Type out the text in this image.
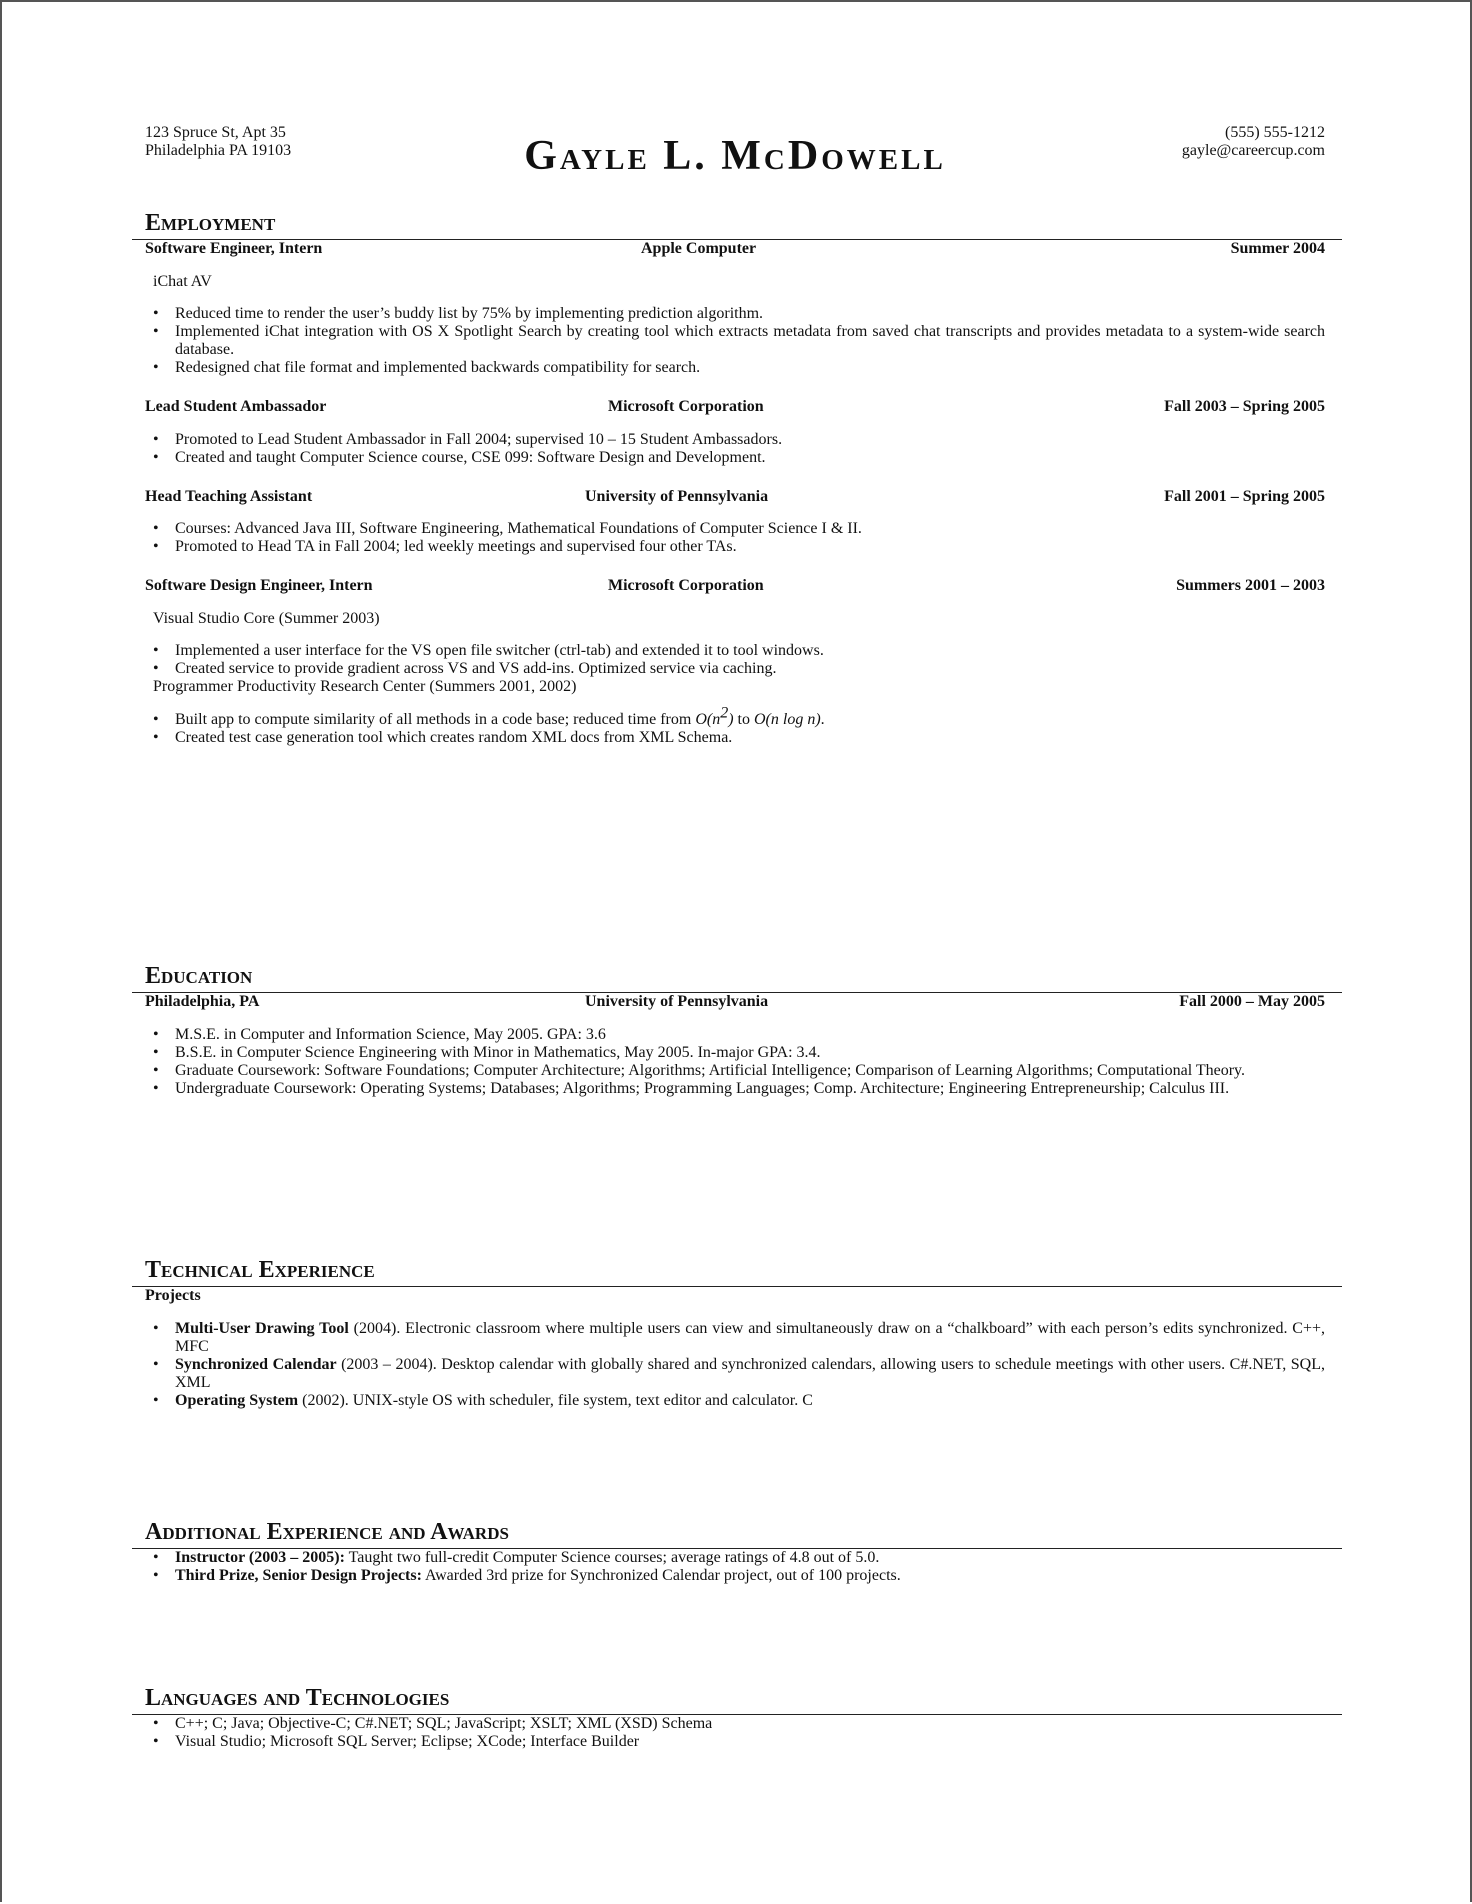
123 Spruce St, Apt 35
Philadelphia PA 19103	Gayle L. McDowell
(555) 555-1212
gayle@careercup.com
Employment
Software Engineer, Intern	Apple Computer	Summer 2004
iChat AV
• Reduced time to render the user’s buddy list by 75% by implementing prediction algorithm.
• Implemented iChat integration with OS X Spotlight Search by creating tool which extracts metadata from saved chat transcripts and provides metadata to a system-wide search database.
• Redesigned chat file format and implemented backwards compatibility for search.
Lead Student Ambassador	Microsoft Corporation	Fall 2003 – Spring 2005
• Promoted to Lead Student Ambassador in Fall 2004; supervised 10 – 15 Student Ambassadors.
• Created and taught Computer Science course, CSE 099: Software Design and Development.
Head Teaching Assistant	University of Pennsylvania	Fall 2001 – Spring 2005
• Courses: Advanced Java III, Software Engineering, Mathematical Foundations of Computer Science I & II.
• Promoted to Head TA in Fall 2004; led weekly meetings and supervised four other TAs.
Software Design Engineer, Intern	Microsoft Corporation	Summers 2001 – 2003
Visual Studio Core (Summer 2003)
• Implemented a user interface for the VS open file switcher (ctrl-tab) and extended it to tool windows.
• Created service to provide gradient across VS and VS add-ins. Optimized service via caching.
Programmer Productivity Research Center (Summers 2001, 2002)
• Built app to compute similarity of all methods in a code base; reduced time from $O(n^2)$ to O(n log n).
• Created test case generation tool which creates random XML docs from XML Schema.
Education
Philadelphia, PA	University of Pennsylvania	Fall 2000 – May 2005
• M.S.E. in Computer and Information Science, May 2005. GPA: 3.6
• B.S.E. in Computer Science Engineering with Minor in Mathematics, May 2005. In-major GPA: 3.4.
• Graduate Coursework: Software Foundations; Computer Architecture; Algorithms; Artificial Intelligence; Comparison of Learning Algorithms; Computational Theory.
• Undergraduate Coursework: Operating Systems; Databases; Algorithms; Programming Languages; Comp. Architecture; Engineering Entrepreneurship; Calculus III.
Technical Experience
Projects
• Multi-User Drawing Tool (2004). Electronic classroom where multiple users can view and simultaneously draw on a “chalkboard” with each person’s edits synchronized. C++, MFC
• Synchronized Calendar (2003 – 2004). Desktop calendar with globally shared and synchronized calendars, allowing users to schedule meetings with other users. C#.NET, SQL, XML
• Operating System (2002). UNIX-style OS with scheduler, file system, text editor and calculator. C
Additional Experience and Awards
• Instructor (2003 – 2005): Taught two full-credit Computer Science courses; average ratings of 4.8 out of 5.0.
• Third Prize, Senior Design Projects: Awarded 3rd prize for Synchronized Calendar project, out of 100 projects.
Languages and Technologies
• C++; C; Java; Objective-C; C#.NET; SQL; JavaScript; XSLT; XML (XSD) Schema
• Visual Studio; Microsoft SQL Server; Eclipse; XCode; Interface Builder
